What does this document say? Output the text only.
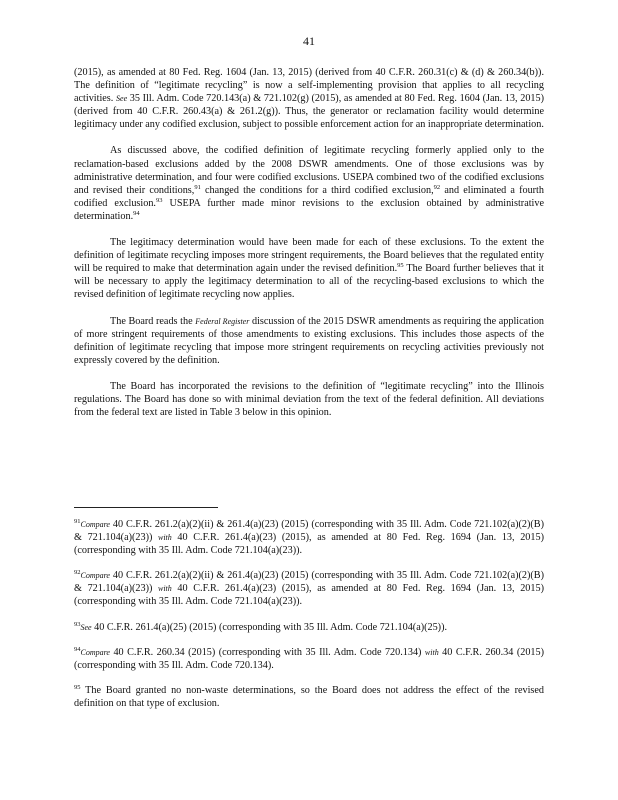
41

(2015), as amended at 80 Fed. Reg. 1604 (Jan. 13, 2015) (derived from 40 C.F.R. 260.31(c) & (d) & 260.34(b)). The definition of “legitimate recycling” is now a self-implementing provision that applies to all recycling activities. See 35 Ill. Adm. Code 720.143(a) & 721.102(g) (2015), as amended at 80 Fed. Reg. 1604 (Jan. 13, 2015) (derived from 40 C.F.R. 260.43(a) & 261.2(g)). Thus, the generator or reclamation facility would determine legitimacy under any codified exclusion, subject to possible enforcement action for an inappropriate determination.

As discussed above, the codified definition of legitimate recycling formerly applied only to the reclamation-based exclusions added by the 2008 DSWR amendments. One of those exclusions was by administrative determination, and four were codified exclusions. USEPA combined two of the codified exclusions and revised their conditions,$^{91}$ changed the conditions for a third codified exclusion,$^{92}$ and eliminated a fourth codified exclusion.$^{93}$ USEPA further made minor revisions to the exclusion obtained by administrative determination.$^{94}$

The legitimacy determination would have been made for each of these exclusions. To the extent the definition of legitimate recycling imposes more stringent requirements, the Board believes that the regulated entity will be required to make that determination again under the revised definition.$^{95}$ The Board further believes that it will be necessary to apply the legitimacy determination to all of the recycling-based exclusions to which the revised definition of legitimate recycling now applies.

The Board reads the Federal Register discussion of the 2015 DSWR amendments as requiring the application of more stringent requirements of those amendments to existing exclusions. This includes those aspects of the definition of legitimate recycling that impose more stringent requirements on recycling activities previously not expressly covered by the definition.

The Board has incorporated the revisions to the definition of “legitimate recycling” into the Illinois regulations. The Board has done so with minimal deviation from the text of the federal definition. All deviations from the federal text are listed in Table 3 below in this opinion.

$^{91}$Compare 40 C.F.R. 261.2(a)(2)(ii) & 261.4(a)(23) (2015) (corresponding with 35 Ill. Adm. Code 721.102(a)(2)(B) & 721.104(a)(23)) with 40 C.F.R. 261.4(a)(23) (2015), as amended at 80 Fed. Reg. 1694 (Jan. 13, 2015) (corresponding with 35 Ill. Adm. Code 721.104(a)(23)).

$^{92}$Compare 40 C.F.R. 261.2(a)(2)(ii) & 261.4(a)(23) (2015) (corresponding with 35 Ill. Adm. Code 721.102(a)(2)(B) & 721.104(a)(23)) with 40 C.F.R. 261.4(a)(23) (2015), as amended at 80 Fed. Reg. 1694 (Jan. 13, 2015) (corresponding with 35 Ill. Adm. Code 721.104(a)(23)).

$^{93}$See 40 C.F.R. 261.4(a)(25) (2015) (corresponding with 35 Ill. Adm. Code 721.104(a)(25)).

$^{94}$Compare 40 C.F.R. 260.34 (2015) (corresponding with 35 Ill. Adm. Code 720.134) with 40 C.F.R. 260.34 (2015) (corresponding with 35 Ill. Adm. Code 720.134).

$^{95}$ The Board granted no non-waste determinations, so the Board does not address the effect of the revised definition on that type of exclusion.
